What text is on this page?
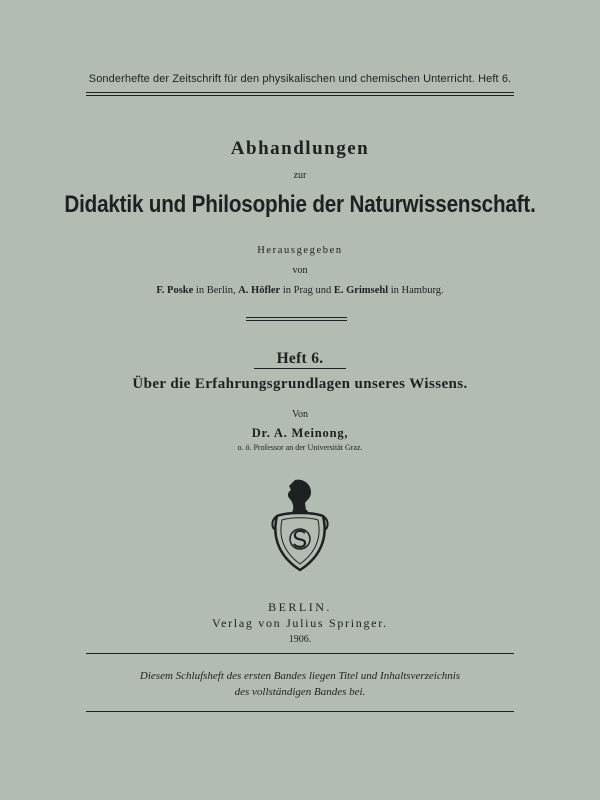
Sonderhefte der Zeitschrift für den physikalischen und chemischen Unterricht. Heft 6.
Abhandlungen
zur
Didaktik und Philosophie der Naturwissenschaft.
Herausgegeben
von
F. Poske in Berlin, A. Höfler in Prag und E. Grimsehl in Hamburg.
Heft 6.
Über die Erfahrungsgrundlagen unseres Wissens.
Von
Dr. A. Meinong,
o. ö. Professor an der Universität Graz.
BERLIN.
Verlag von Julius Springer.
1906.
Diesem Schlufsheft des ersten Bandes liegen Titel und Inhaltsverzeichnis
des vollständigen Bandes bei.
